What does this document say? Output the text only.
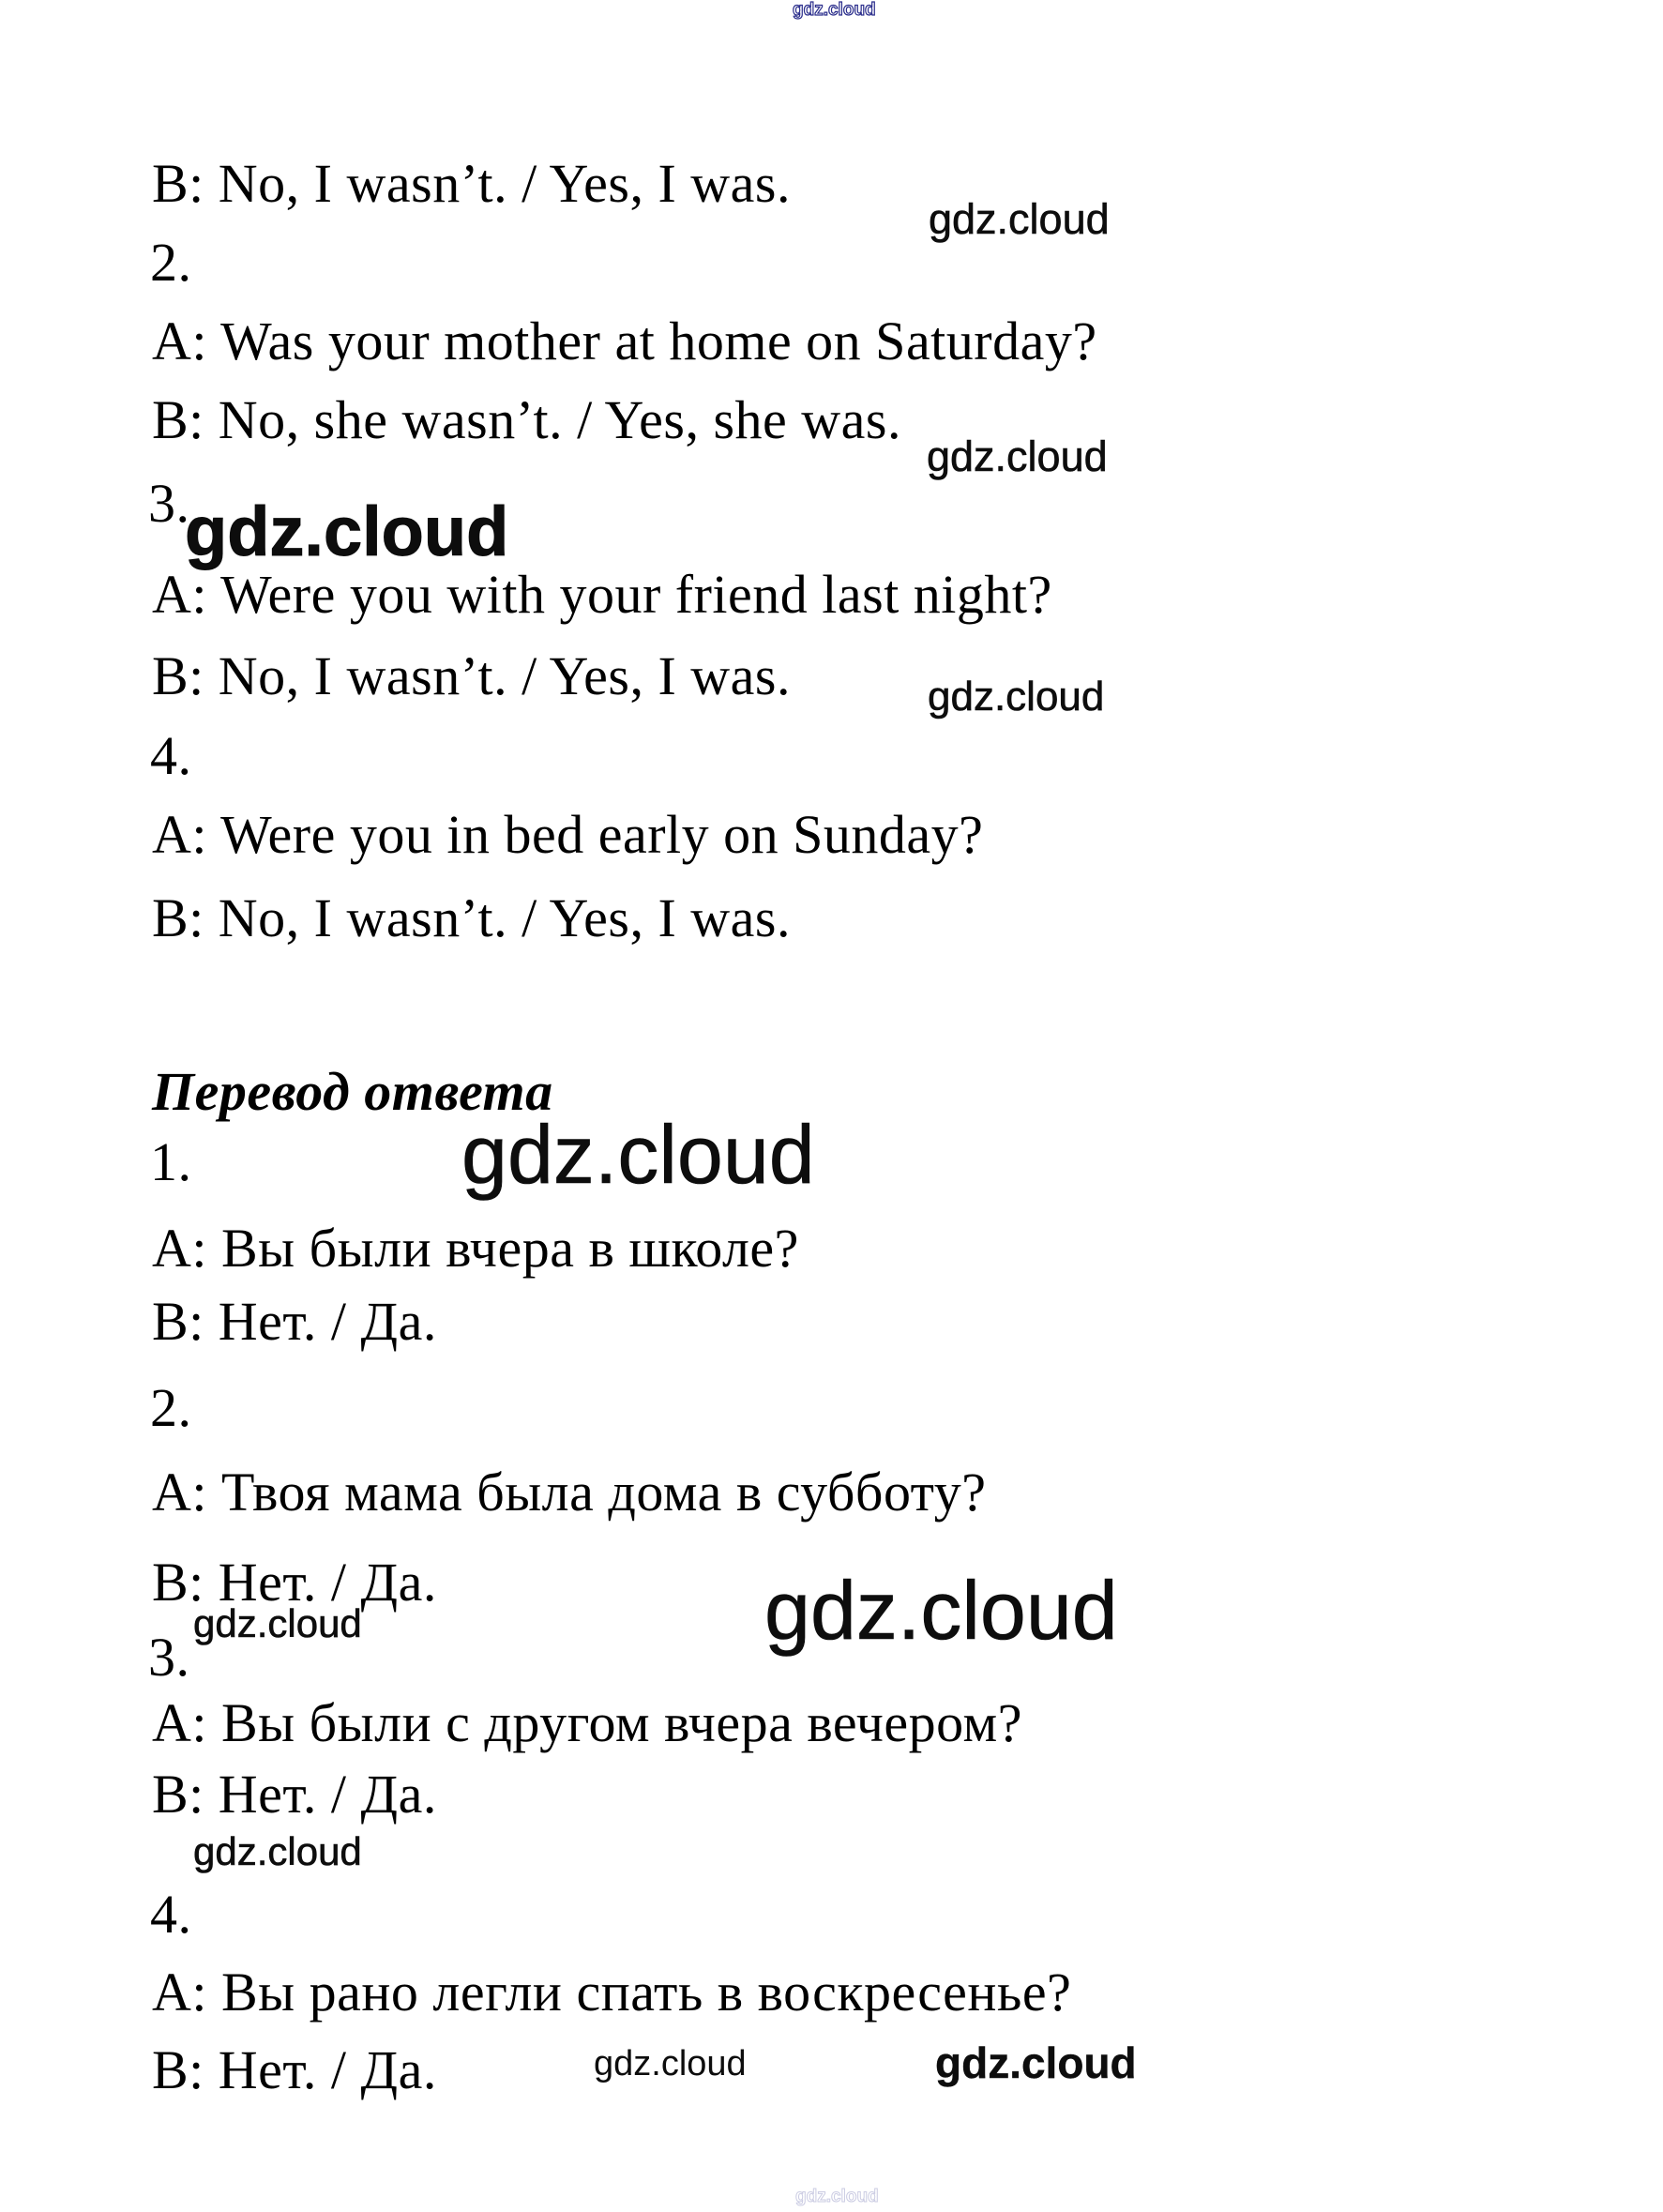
gdz.cloud
B: No, I wasn’t. / Yes, I was.
gdz.cloud
2.
A: Was your mother at home on Saturday?
B: No, she wasn’t. / Yes, she was.
gdz.cloud
3.
gdz.cloud
A: Were you with your friend last night?
B: No, I wasn’t. / Yes, I was.	gdz.cloud
4.
A: Were you in bed early on Sunday?
B: No, I wasn’t. / Yes, I was.
Перевод ответа
gdz.cloud
1.
A: Вы были вчера в школе?
B: Нет. / Да.
2.
A: Твоя мама была дома в субботу?
B: Нет. / Да.
gdz.cloud	gdz.cloud
3.
A: Вы были с другом вчера вечером?
B: Нет. / Да.
gdz.cloud
4.
A: Вы рано легли спать в воскресенье?
B: Нет. / Да.	gdz.cloud	gdz.cloud
gdz.cloud
